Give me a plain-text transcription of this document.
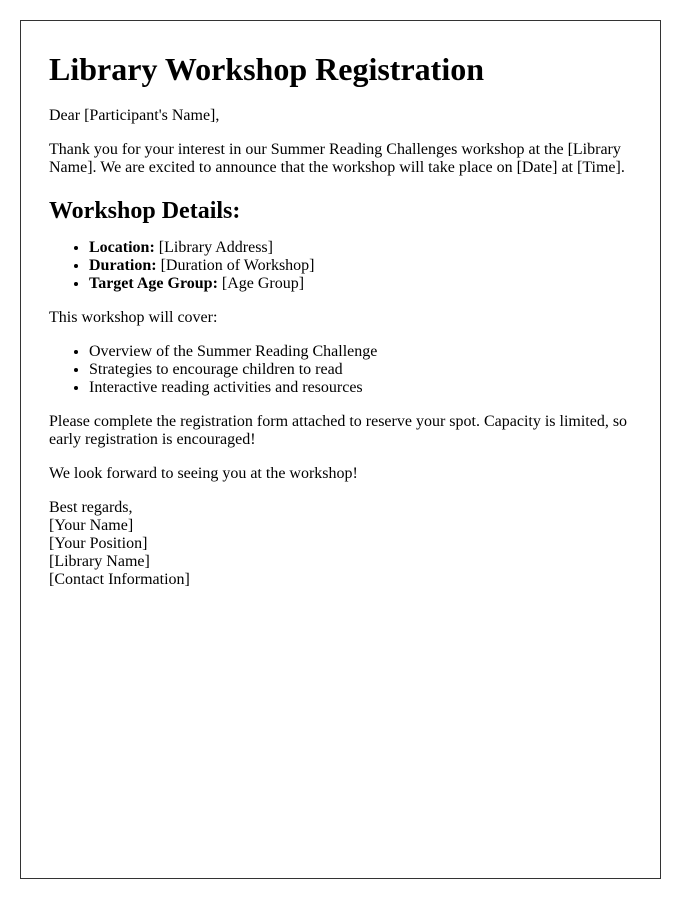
Library Workshop Registration

Dear [Participant's Name],

Thank you for your interest in our Summer Reading Challenges workshop at the [Library Name]. We are excited to announce that the workshop will take place on [Date] at [Time].

Workshop Details:
• Location: [Library Address]
• Duration: [Duration of Workshop]
• Target Age Group: [Age Group]

This workshop will cover:

• Overview of the Summer Reading Challenge
• Strategies to encourage children to read
• Interactive reading activities and resources

Please complete the registration form attached to reserve your spot. Capacity is limited, so early registration is encouraged!

We look forward to seeing you at the workshop!

Best regards,
[Your Name]
[Your Position]
[Library Name]
[Contact Information]
